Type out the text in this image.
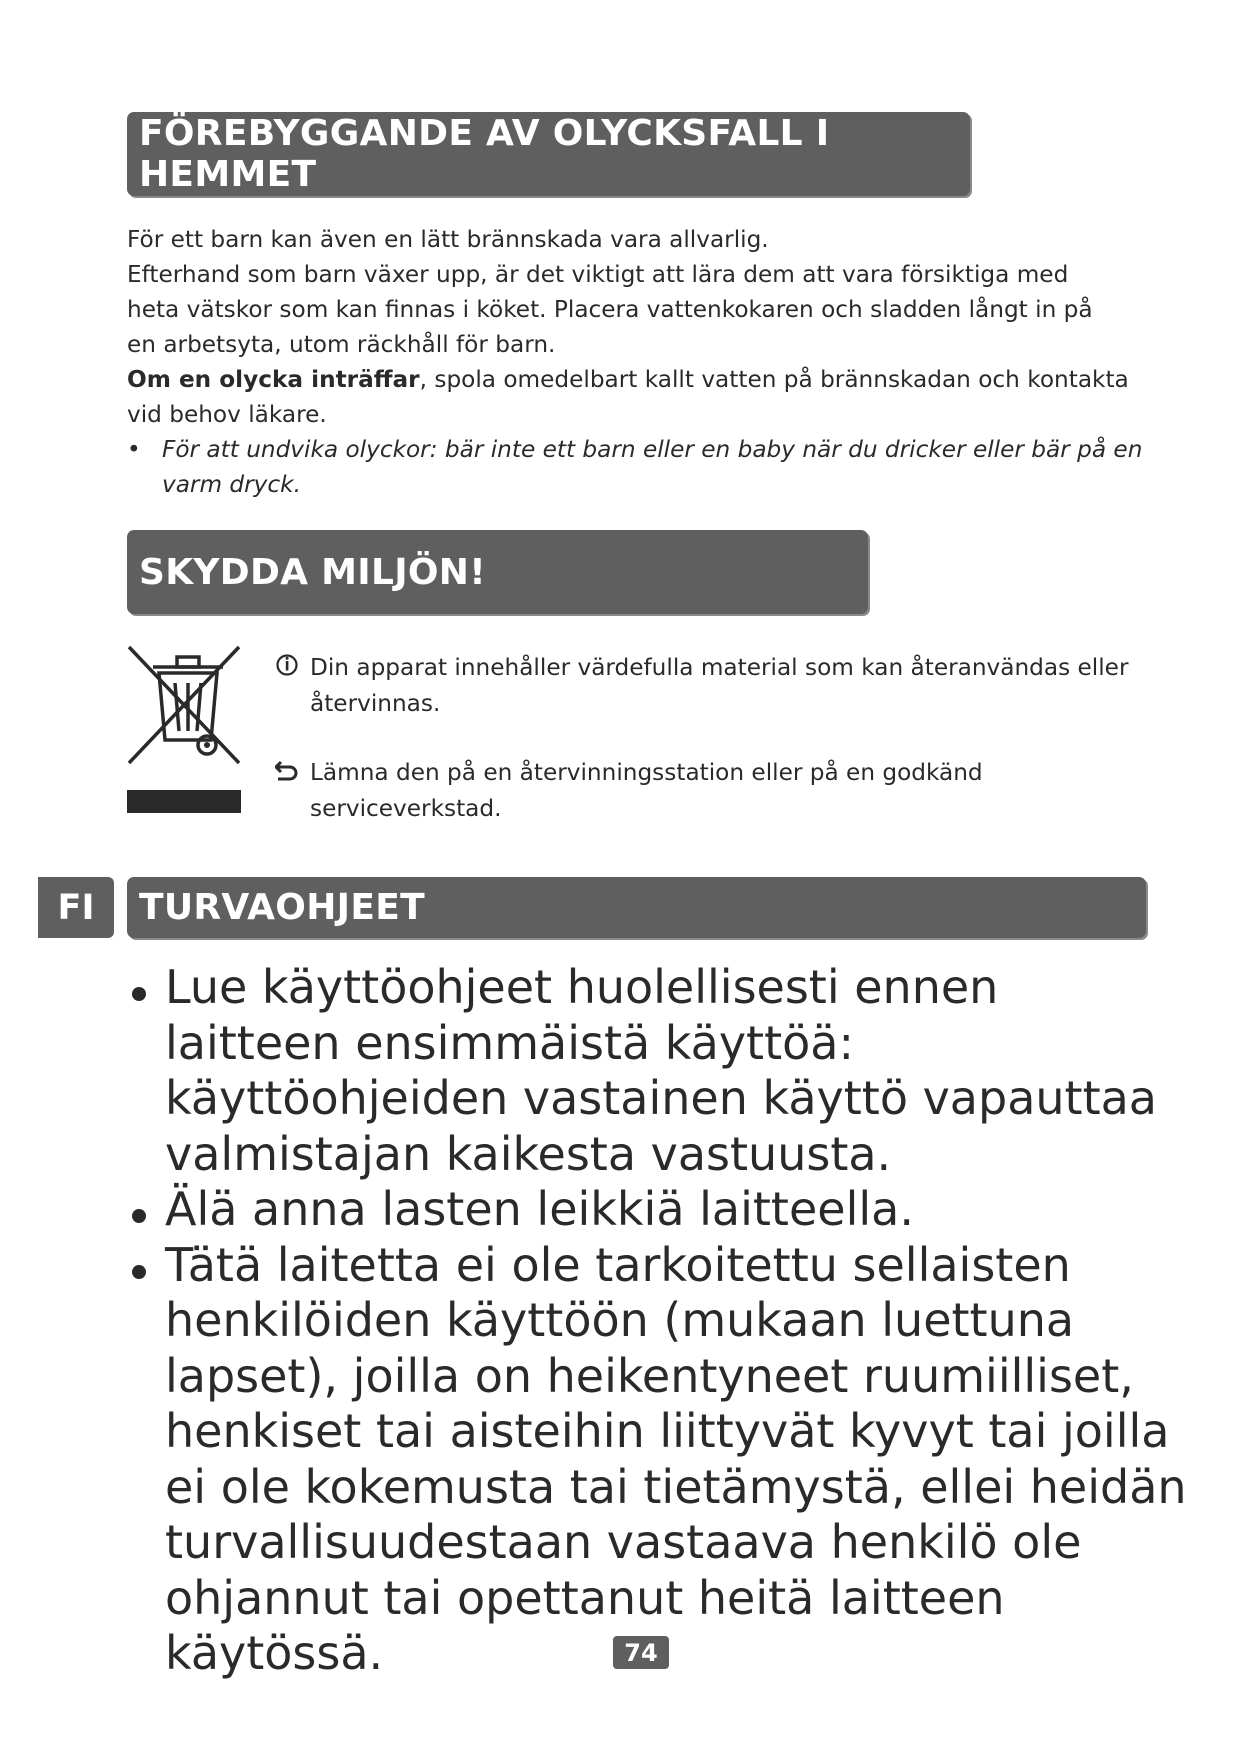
FÖREBYGGANDE AV OLYCKSFALL I HEMMET

För ett barn kan även en lätt brännskada vara allvarlig.

Efterhand som barn växer upp, är det viktigt att lära dem att vara försiktiga med heta vätskor som kan finnas i köket. Placera vattenkokaren och sladden långt in på en arbetsyta, utom räckhåll för barn.

Om en olycka inträffar, spola omedelbart kallt vatten på brännskadan och kontakta vid behov läkare.

• För att undvika olyckor: bär inte ett barn eller en baby när du dricker eller bär på en varm dryck.

SKYDDA MILJÖN!
Din apparat innehåller värdefulla material som kan återanvändas eller återvinnas.
Lämna den på en återvinningsstation eller på en godkänd serviceverkstad.
FI	TURVAOHJEET
Lue käyttöohjeet huolellisesti ennen laitteen ensimmäistä käyttöä: käyttöohjeiden vastainen käyttö vapauttaa valmistajan kaikesta vastuusta.
Älä anna lasten leikkiä laitteella.
Tätä laitetta ei ole tarkoitettu sellaisten henkilöiden käyttöön (mukaan luettuna lapset), joilla on heikentyneet ruumiilliset, henkiset tai aisteihin liittyvät kyvyt tai joilla ei ole kokemusta tai tietämystä, ellei heidän turvallisuudestaan vastaava henkilö ole ohjannut tai opettanut heitä laitteen käytössä.	74
